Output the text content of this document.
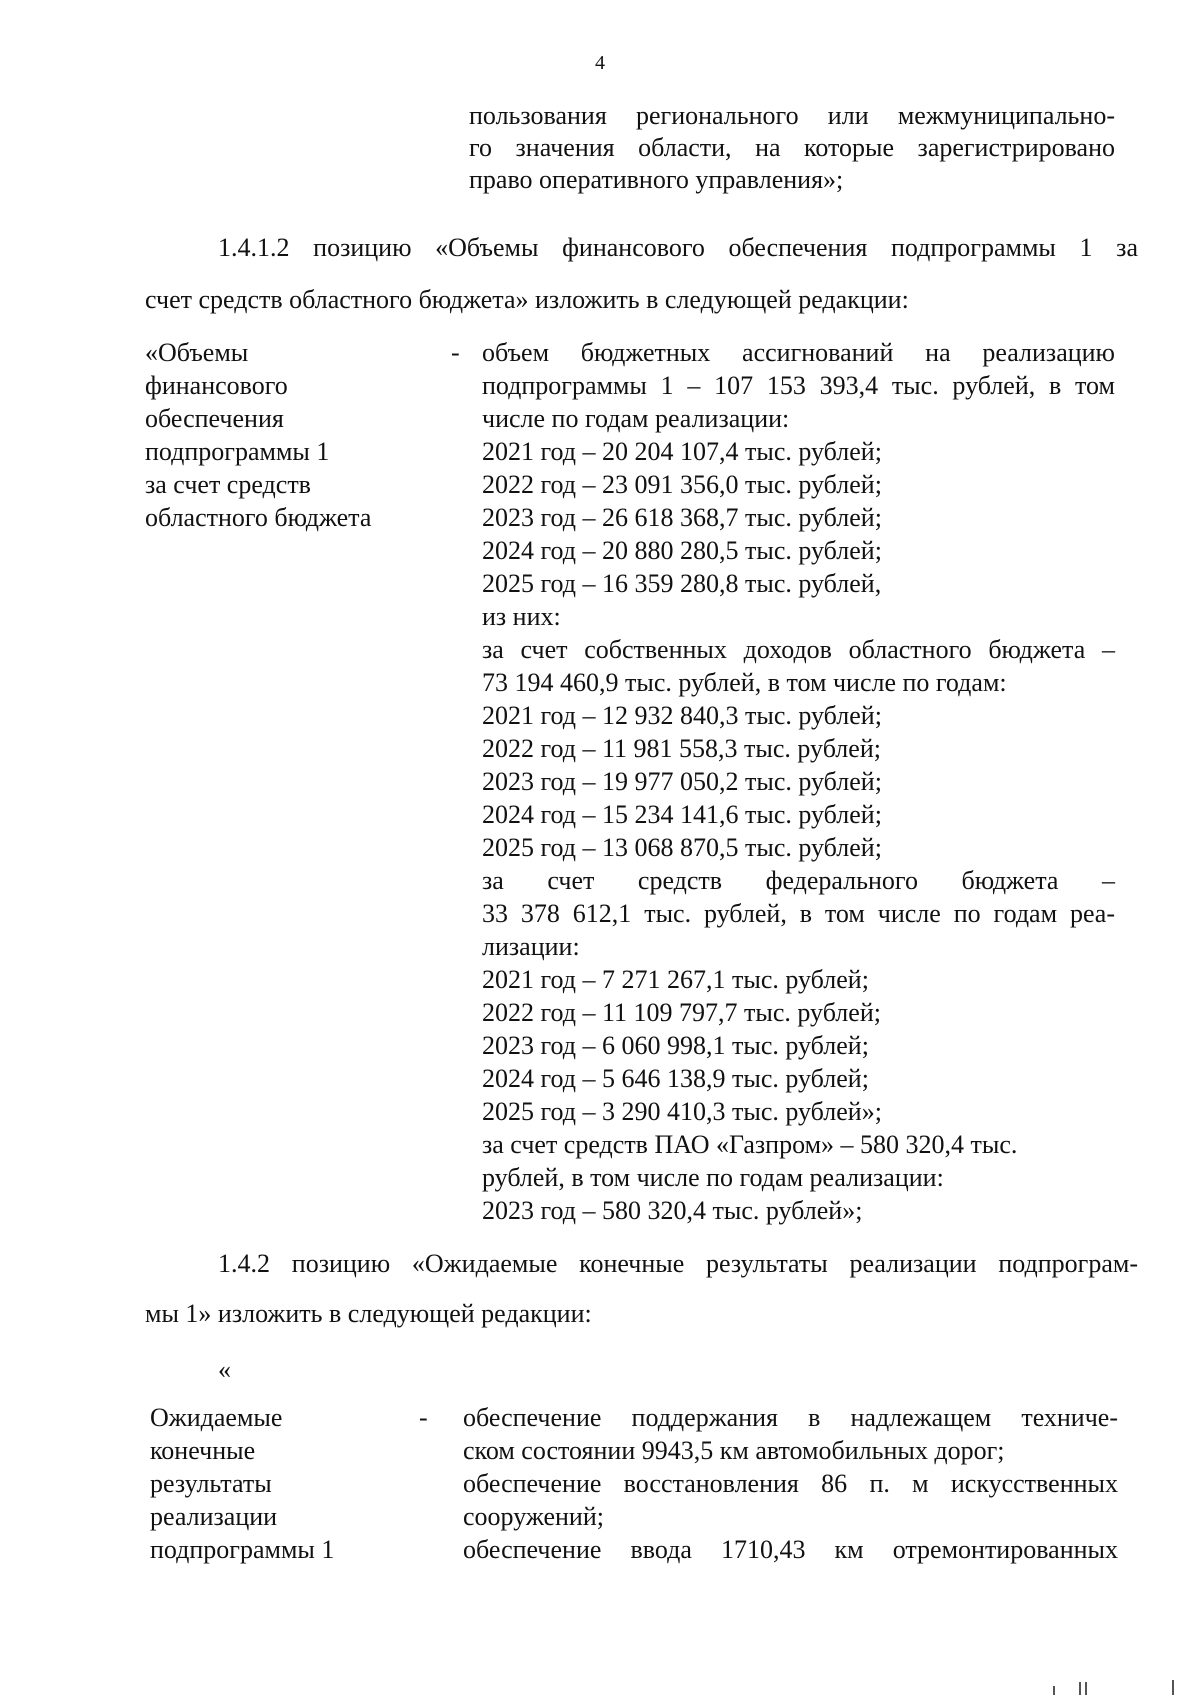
4
пользования регионального или межмуниципально-
го значения области, на которые зарегистрировано
право оперативного управления»;
1.4.1.2 позицию «Объемы финансового обеспечения подпрограммы 1 за
счет средств областного бюджета» изложить в следующей редакции:
«Объемы
финансового
обеспечения
подпрограммы 1
за счет средств
областного бюджета
- объем бюджетных ассигнований на реализацию
подпрограммы 1 – 107 153 393,4 тыс. рублей, в том
числе по годам реализации:
2021 год – 20 204 107,4 тыс. рублей;
2022 год – 23 091 356,0 тыс. рублей;
2023 год – 26 618 368,7 тыс. рублей;
2024 год – 20 880 280,5 тыс. рублей;
2025 год – 16 359 280,8 тыс. рублей,
из них:
за счет собственных доходов областного бюджета –
73 194 460,9 тыс. рублей, в том числе по годам:
2021 год – 12 932 840,3 тыс. рублей;
2022 год – 11 981 558,3 тыс. рублей;
2023 год – 19 977 050,2 тыс. рублей;
2024 год – 15 234 141,6 тыс. рублей;
2025 год – 13 068 870,5 тыс. рублей;
за счет средств федерального бюджета –
33 378 612,1 тыс. рублей, в том числе по годам реа-
лизации:
2021 год – 7 271 267,1 тыс. рублей;
2022 год – 11 109 797,7 тыс. рублей;
2023 год – 6 060 998,1 тыс. рублей;
2024 год – 5 646 138,9 тыс. рублей;
2025 год – 3 290 410,3 тыс. рублей»;
за счет средств ПАО «Газпром» – 580 320,4 тыс.
рублей, в том числе по годам реализации:
2023 год – 580 320,4 тыс. рублей»;
1.4.2 позицию «Ожидаемые конечные результаты реализации подпрограм-
мы 1» изложить в следующей редакции:
«
Ожидаемые
конечные
результаты
реализации
подпрограммы 1
- обеспечение поддержания в надлежащем техниче-
ском состоянии 9943,5 км автомобильных дорог;
обеспечение восстановления 86 п. м искусственных
сооружений;
обеспечение ввода 1710,43 км отремонтированных
